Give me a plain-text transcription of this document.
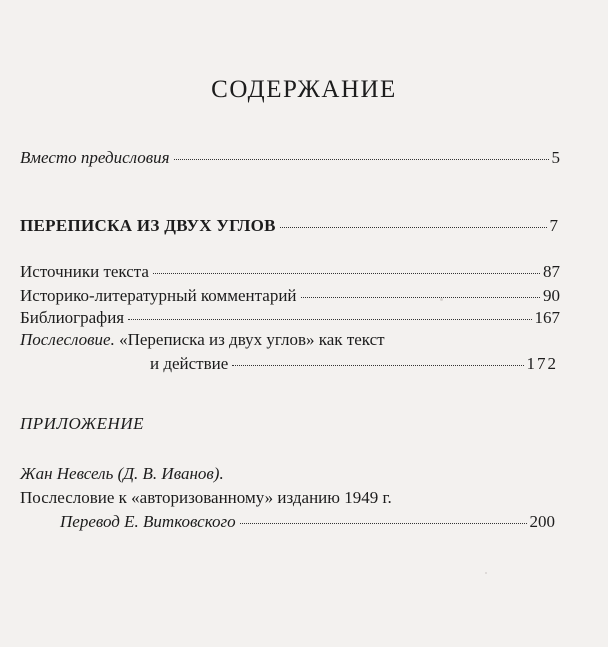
СОДЕРЖАНИЕ
Вместо предисловия	5
ПЕРЕПИСКА ИЗ ДВУХ УГЛОВ	7
Источники текста	87
Историко-литературный комментарий	90
Библиография	167
Послесловие. «Переписка из двух углов» как текст
и действие	172
ПРИЛОЖЕНИЕ
Жан Невсель (Д. В. Иванов).
Послесловие к «авторизованному» изданию 1949 г.
Перевод Е. Витковского	200
